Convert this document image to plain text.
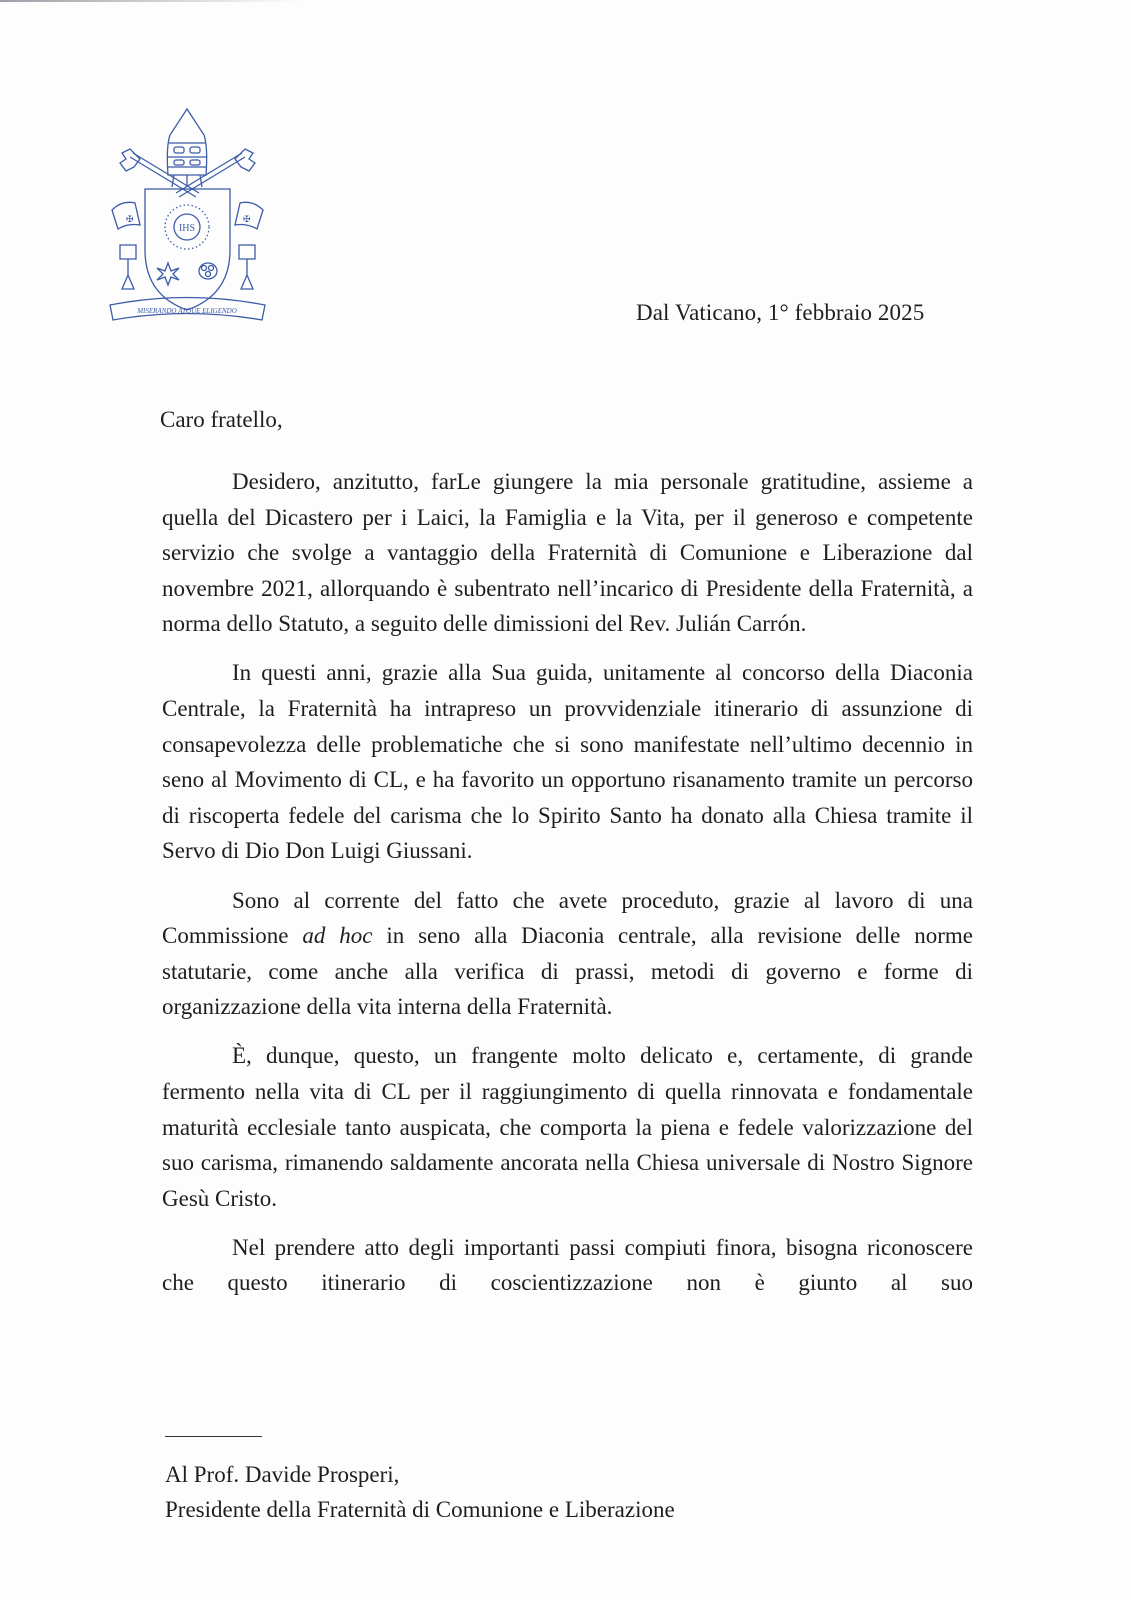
IHS
✠	✠
MISERANDO ATQUE ELIGENDO	Dal Vaticano, 1° febbraio 2025
Caro fratello,

Desidero, anzitutto, farLe giungere la mia personale gratitudine, assieme a quella del Dicastero per i Laici, la Famiglia e la Vita, per il generoso e competente servizio che svolge a vantaggio della Fraternità di Comunione e Liberazione dal novembre 2021, allorquando è subentrato nell’incarico di Presidente della Fraternità, a norma dello Statuto, a seguito delle dimissioni del Rev. Julián Carrón.

In questi anni, grazie alla Sua guida, unitamente al concorso della Diaconia Centrale, la Fraternità ha intrapreso un provvidenziale itinerario di assunzione di consapevolezza delle problematiche che si sono manifestate nell’ultimo decennio in seno al Movimento di CL, e ha favorito un opportuno risanamento tramite un percorso di riscoperta fedele del carisma che lo Spirito Santo ha donato alla Chiesa tramite il Servo di Dio Don Luigi Giussani.

Sono al corrente del fatto che avete proceduto, grazie al lavoro di una Commissione ad hoc in seno alla Diaconia centrale, alla revisione delle norme statutarie, come anche alla verifica di prassi, metodi di governo e forme di organizzazione della vita interna della Fraternità.

È, dunque, questo, un frangente molto delicato e, certamente, di grande fermento nella vita di CL per il raggiungimento di quella rinnovata e fondamentale maturità ecclesiale tanto auspicata, che comporta la piena e fedele valorizzazione del suo carisma, rimanendo saldamente ancorata nella Chiesa universale di Nostro Signore Gesù Cristo.

Nel prendere atto degli importanti passi compiuti finora, bisogna riconoscere che questo itinerario di coscientizzazione non è giunto al suo

Al Prof. Davide Prosperi,
Presidente della Fraternità di Comunione e Liberazione
